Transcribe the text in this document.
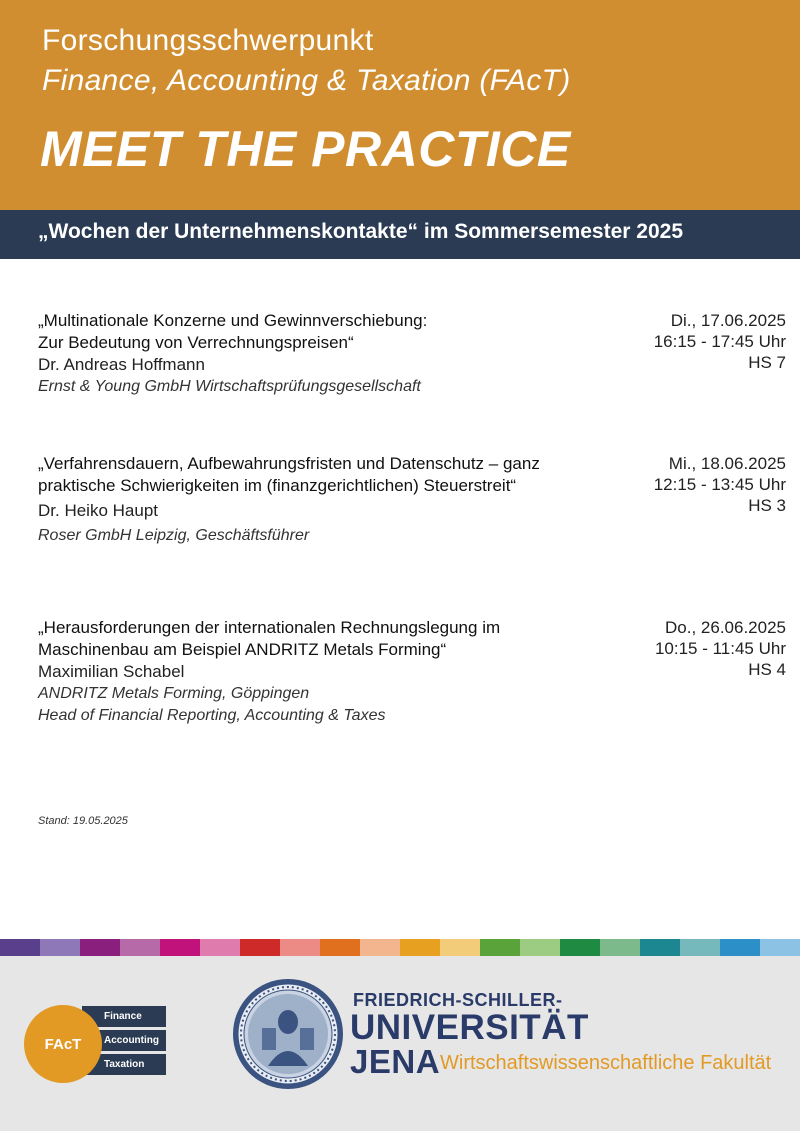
Forschungsschwerpunkt
Finance, Accounting & Taxation (FAcT)
MEET THE PRACTICE
„Wochen der Unternehmenskontakte“ im Sommersemester 2025
„Multinationale Konzerne und Gewinnverschiebung:
Zur Bedeutung von Verrechnungspreisen“
Dr. Andreas Hoffmann
Ernst & Young GmbH Wirtschaftsprüfungsgesellschaft
Di., 17.06.2025
16:15 - 17:45 Uhr
HS 7
„Verfahrensdauern, Aufbewahrungsfristen und Datenschutz – ganz
praktische Schwierigkeiten im (finanzgerichtlichen) Steuerstreit“
Dr. Heiko Haupt
Roser GmbH Leipzig, Geschäftsführer
Mi., 18.06.2025
12:15 - 13:45 Uhr
HS 3
„Herausforderungen der internationalen Rechnungslegung im
Maschinenbau am Beispiel ANDRITZ Metals Forming“
Maximilian Schabel
ANDRITZ Metals Forming, Göppingen
Head of Financial Reporting, Accounting & Taxes
Do., 26.06.2025
10:15 - 11:45 Uhr
HS 4
Stand: 19.05.2025
FAcT
Finance
Accounting
Taxation
FRIEDRICH-SCHILLER-
UNIVERSITÄT
JENA Wirtschaftswissenschaftliche Fakultät
